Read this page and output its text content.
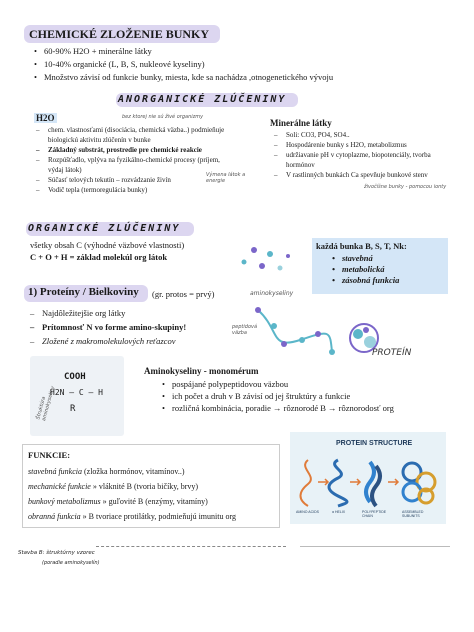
CHEMICKÉ ZLOŽENIE BUNKY
• 60-90% H2O + minerálne látky
• 10-40% organické (L, B, S, nukleové kyseliny)
• Množstvo závisí od funkcie bunky, miesta, kde sa nachádza ,otnogenetického vývoju
ANORGANICKÉ ZLÚČENINY
H2O
– chem. vlastnosťami (disociácia, chemická väzba..) podmieňuje biologickú aktivitu zlúčenín v bunke
– Základný substrát, prostredie pre chemické reakcie
– Rozpúšťadlo, vplýva na fyzikálno-chemické procesy (príjem, výdaj látok)
– Súčasť telových tekutín – rozvádzanie živín
– Vodič tepla (termoregulácia bunky)
bez ktorej nie sú živé organizmy
Výmena látok a energie
Minerálne látky
– Soli: CO3, PO4, SO4..
– Hospodárenie bunky s H2O, metabolizmus
– udržiavanie pH v cytoplazme, biopotenciály, tvorba hormónov
– V rastlinných bunkách Ca spevňuje bunkové stenv
živočíšne bunky - pomocou ionty
ORGANICKÉ ZLÚČENINY
všetky obsah C (výhodné väzbové vlastnosti)
C + O + H = základ molekúl org látok
každá bunka B, S, T, Nk:
• stavebná
• metabolická
• zásobná funkcia
1) Proteíny / Bielkoviny (gr. protos = prvý)
– Najdôležitejšie org látky
– Prítomnosť N vo forme amino-skupiny!
– Zložené z makromolekulových reťazcov
aminokyseliny
peptidová väzba
PROTEÍN
Štruktúra aminokyseliny
COOH
H2N — C — H
R
Aminokyseliny - monomérum
• pospájané polypeptidovou väzbou
• ich počet a druh v B závisí od jej štruktúry a funkcie
• rozličná kombinácia, poradie → rôznorodé B → rôznorodosť org
FUNKCIE:
stavebná funkcia (zložka hormónov, vitamínov..)
mechanické funkcie » vláknité B (tvoria bičíky, brvy)
bunkový metabolizmus » guľovité B (enzýmy, vitamíny)
obranná funkcia » B tvoriace protilátky, podmieňujú imunitu org
PROTEIN STRUCTURE
AMINO ACIDS	α HELIX	POLYPEPTIDE CHAIN
ASSEMBLED SUBUNITS
Stavba B: štruktúrny vzorec
(poradie aminokyselín)
